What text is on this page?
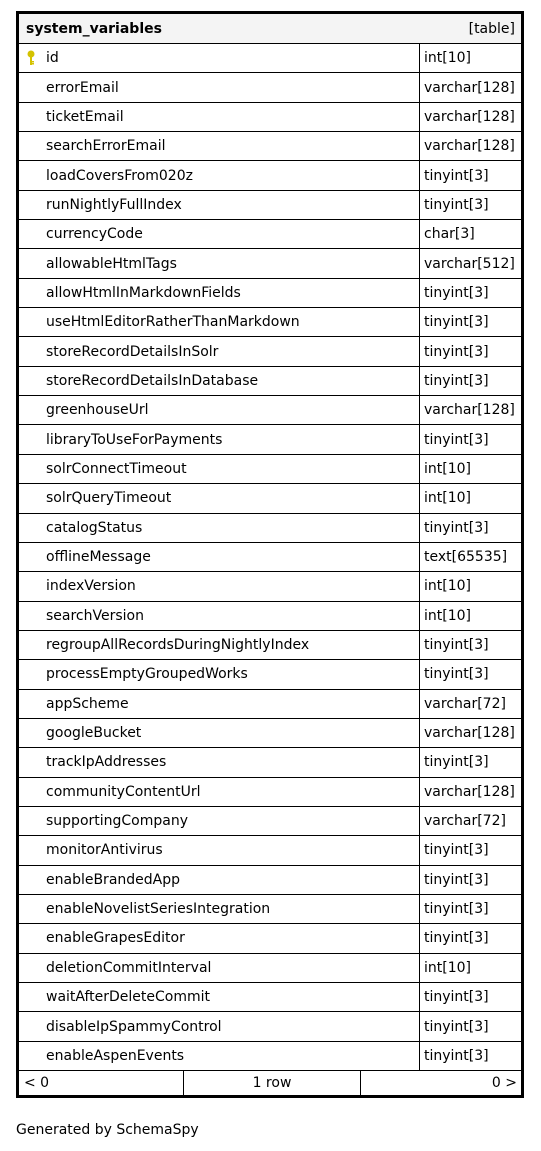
system_variables	[table]
id	int[10]
errorEmail	varchar[128]
ticketEmail	varchar[128]
searchErrorEmail	varchar[128]
loadCoversFrom020z	tinyint[3]
runNightlyFullIndex	tinyint[3]
currencyCode	char[3]
allowableHtmlTags	varchar[512]
allowHtmlInMarkdownFields	tinyint[3]
useHtmlEditorRatherThanMarkdown	tinyint[3]
storeRecordDetailsInSolr	tinyint[3]
storeRecordDetailsInDatabase	tinyint[3]
greenhouseUrl	varchar[128]
libraryToUseForPayments	tinyint[3]
solrConnectTimeout	int[10]
solrQueryTimeout	int[10]
catalogStatus	tinyint[3]
offlineMessage	text[65535]
indexVersion	int[10]
searchVersion	int[10]
regroupAllRecordsDuringNightlyIndex	tinyint[3]
processEmptyGroupedWorks	tinyint[3]
appScheme	varchar[72]
googleBucket	varchar[128]
trackIpAddresses	tinyint[3]
communityContentUrl	varchar[128]
supportingCompany	varchar[72]
monitorAntivirus	tinyint[3]
enableBrandedApp	tinyint[3]
enableNovelistSeriesIntegration	tinyint[3]
enableGrapesEditor	tinyint[3]
deletionCommitInterval	int[10]
waitAfterDeleteCommit	tinyint[3]
disableIpSpammyControl	tinyint[3]
enableAspenEvents	tinyint[3]
< 0	1 row	0 >
Generated by SchemaSpy
